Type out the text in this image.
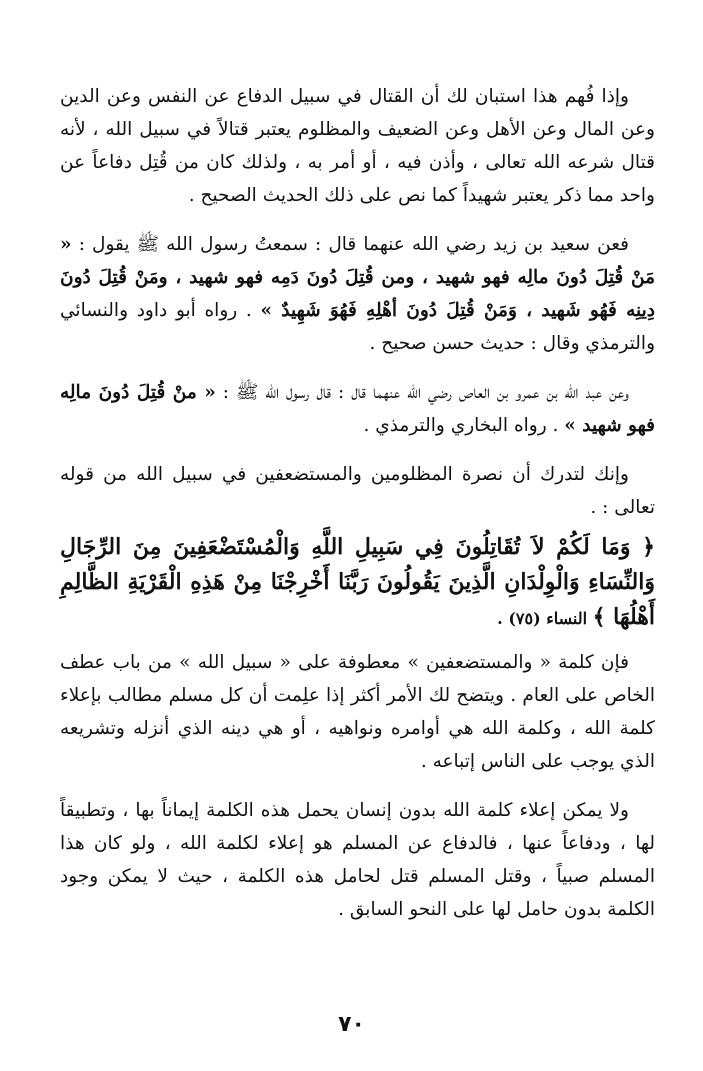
وإذا فُهم هذا استبان لك أن القتال في سبيل الدفاع عن النفس وعن الدين وعن المال وعن الأهل وعن الضعيف والمظلوم يعتبر قتالاً في سبيل الله ، لأنه قتال شرعه الله تعالى ، وأذن فيه ، أو أمر به ، ولذلك كان من قُتِل دفاعاً عن واحد مما ذكر يعتبر شهيداً كما نص على ذلك الحديث الصحيح .

فعن سعيد بن زيد رضي الله عنهما قال : سمعتُ رسول الله ﷺ يقول : « مَنْ قُتِلَ دُونَ مالِه فهو شهيد ، ومن قُتِلَ دُونَ دَمِه فهو شهيد ، ومَنْ قُتِلَ دُونَ دِينِه فَهُو شَهيد ، وَمَنْ قُتِلَ دُونَ أهْلِهِ فَهُوَ شَهِيدٌ » . رواه أبو داود والنسائي والترمذي وقال : حديث حسن صحيح .

وعن عبد الله بن عمرو بن العاص رضي الله عنهما قال : قال رسول الله ﷺ : « منْ قُتِلَ دُونَ مالِه فهو شهيد » . رواه البخاري والترمذي .

وإنك لتدرك أن نصرة المظلومين والمستضعفين في سبيل الله من قوله تعالى : .

﴿ وَمَا لَكُمْ لاَ تُقَاتِلُونَ فِي سَبِيلِ اللَّهِ وَالْمُسْتَضْعَفِينَ مِنَ الرِّجَالِ وَالنِّسَاءِ وَالْوِلْدَانِ الَّذِينَ يَقُولُونَ رَبَّنَا أَخْرِجْنَا مِنْ هَذِهِ الْقَرْيَةِ الظَّالِمِ أَهْلُهَا ﴾ النساء (٧٥) .

فإن كلمة « والمستضعفين » معطوفة على « سبيل الله » من باب عطف الخاص على العام . ويتضح لك الأمر أكثر إذا علِمت أن كل مسلم مطالب بإعلاء كلمة الله ، وكلمة الله هي أوامره ونواهيه ، أو هي دينه الذي أنزله وتشريعه الذي يوجب على الناس إتباعه .

ولا يمكن إعلاء كلمة الله بدون إنسان يحمل هذه الكلمة إيماناً بها ، وتطبيقاً لها ، ودفاعاً عنها ، فالدفاع عن المسلم هو إعلاء لكلمة الله ، ولو كان هذا المسلم صبياً ، وقتل المسلم قتل لحامل هذه الكلمة ، حيث لا يمكن وجود الكلمة بدون حامل لها على النحو السابق .

٧٠
